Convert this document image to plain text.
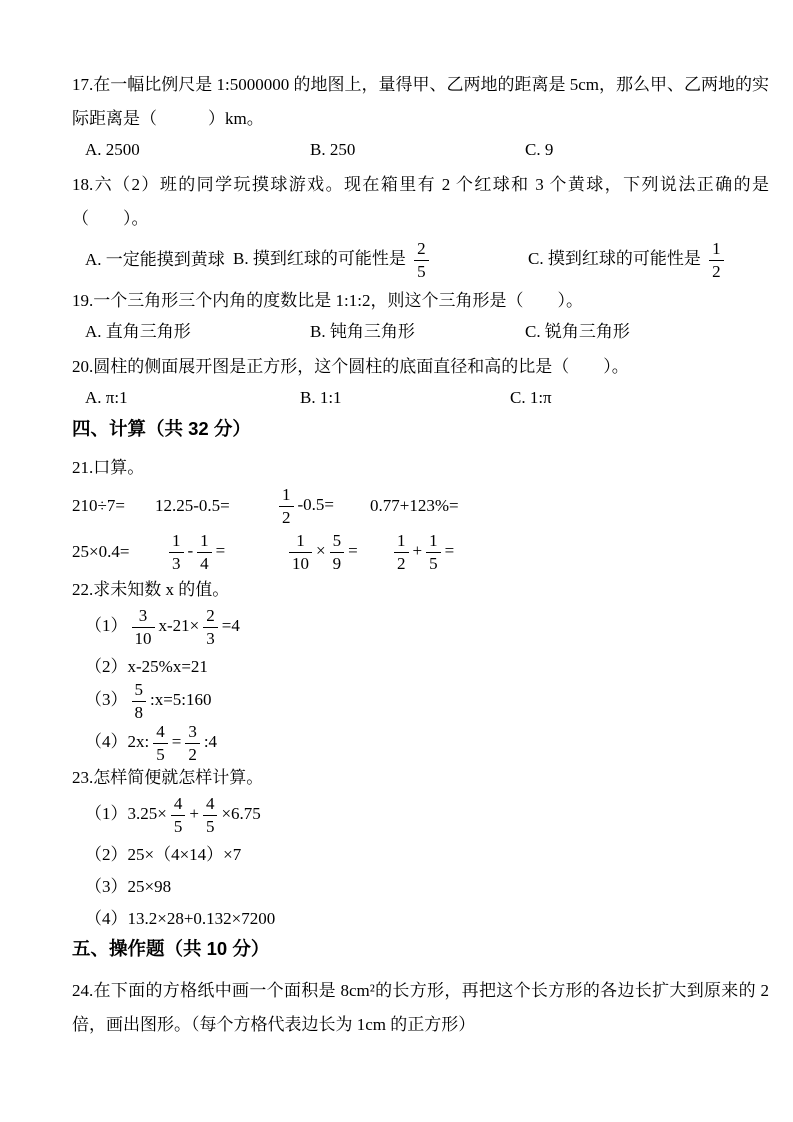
17.在一幅比例尺是 1:5000000 的地图上，量得甲、乙两地的距离是 5cm，那么甲、乙两地的实际距离是（　　　）km。

A. 2500	B. 250	C. 9

18.六（2）班的同学玩摸球游戏。现在箱里有 2 个红球和 3 个黄球，下列说法正确的是（　　）。

A. 一定能摸到黄球 B. 摸到红球的可能性是 $\frac{2}{5}$	C. 摸到红球的可能性是 $\frac{1}{2}$

19.一个三角形三个内角的度数比是 1:1:2，则这个三角形是（　　）。

A. 直角三角形	B. 钝角三角形	C. 锐角三角形

20.圆柱的侧面展开图是正方形，这个圆柱的底面直径和高的比是（　　）。

A. π:1	B. 1:1	C. 1:π
四、计算（共 32 分）

21.口算。

210÷7=	12.25-0.5=	$\frac{1}{2} -0.5=$	0.77+123%=
25×0.4=	$\frac{1}{3} - \frac{1}{4}$ =	$\frac{1}{10} \times \frac{5}{9}$ =	$\frac{1}{2} + \frac{1}{5}$ =

22.求未知数 x 的值。

$(1) \frac{3}{10} x-21\times \frac{2}{3} =4$
（2）x-25%x=21
$(3) \frac{5}{8}$ :x=5:160
（4）2x: $\frac{4}{5} = \frac{3}{2}$ :4

23.怎样简便就怎样计算。

$(1)3.25\times \frac{4}{5} + \frac{4}{5} \times 6.75$
（2）25×（4×14）×7
（3）25×98
（4）13.2×28+0.132×7200
五、操作题（共 10 分）

24.在下面的方格纸中画一个面积是 8cm²的长方形，再把这个长方形的各边长扩大到原来的 2 倍，画出图形。（每个方格代表边长为 1cm 的正方形）
